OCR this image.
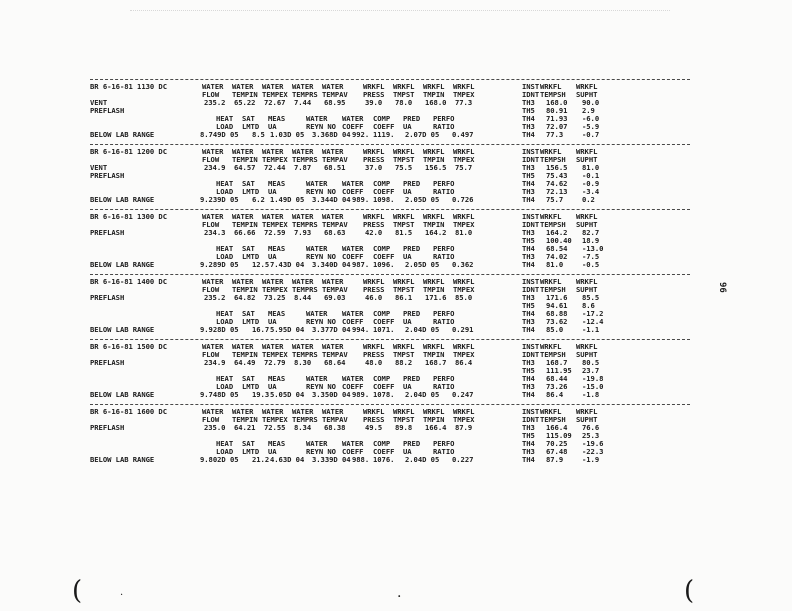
BR 6-16-81 1130 DC	WATER WATER WATER WATER WATER	WRKFL WRKFL WRKFL WRKFL	INST WRKFL WRKFL
FLOW TEMPIN TEMPEX TEMPRS TEMPAV PRESS TMPST TMPIN TMPEX	IDNT TEMPSH SUPHT
VENT
PREFLASH
235.2 65.22 72.67 7.44 68.95	39.0 78.0 168.0 77.3	TH3 168.0 90.0
TH5 80.91 2.9
TH4 71.93 -6.0
TH3 72.07 -5.9
TH4 77.3	-0.7
HEAT SAT MEAS	WATER WATER COMP PRED PERFO
LOAD LMTD UA	REYN NO COEFF COEFF UA	RATIO
BELOW LAB RANGE	8.749D 05 8.5 1.03D 05 3.368D 04 992. 1119. 2.07D 05 0.497
BR 6-16-81 1200 DC	WATER WATER WATER WATER WATER	WRKFL WRKFL WRKFL WRKFL	INST WRKFL WRKFL
FLOW TEMPIN TEMPEX TEMPRS TEMPAV PRESS TMPST TMPIN TMPEX	IDNT TEMPSH SUPHT
VENT
PREFLASH
234.9 64.57 72.44 7.87 68.51	37.0 75.5 156.5 75.7	TH3 156.5 81.0
TH5 75.43 -0.1
TH4 74.62 -0.9
TH3 72.13 -3.4
TH4 75.7	0.2
HEAT SAT MEAS	WATER WATER COMP PRED PERFO
LOAD LMTD UA	REYN NO COEFF COEFF UA	RATIO
BELOW LAB RANGE	9.239D 05 6.2 1.49D 05 3.344D 04 989. 1098. 2.05D 05 0.726
BR 6-16-81 1300 DC	WATER WATER WATER WATER WATER	WRKFL WRKFL WRKFL WRKFL	INST WRKFL WRKFL
FLOW TEMPIN TEMPEX TEMPRS TEMPAV PRESS TMPST TMPIN TMPEX	IDNT TEMPSH SUPHT
PREFLASH	234.3 66.66 72.59 7.93 68.63	42.0 81.5 164.2 81.0	TH3 164.2 82.7
TH5 100.40 18.9
TH4 68.54 -13.0
TH3 74.02 -7.5
TH4 81.0	-0.5
HEAT SAT MEAS	WATER WATER COMP PRED PERFO
LOAD LMTD UA	REYN NO COEFF COEFF UA	RATIO
BELOW LAB RANGE	9.289D 05 12.5 7.43D 04 3.340D 04 987. 1096. 2.05D 05 0.362
BR 6-16-81 1400 DC	WATER WATER WATER WATER WATER	WRKFL WRKFL WRKFL WRKFL	INST WRKFL WRKFL
FLOW TEMPIN TEMPEX TEMPRS TEMPAV PRESS TMPST TMPIN TMPEX	IDNT TEMPSH SUPHT
PREFLASH	235.2 64.82 73.25 8.44 69.03	46.0 86.1 171.6 85.0	TH3 171.6 85.5
TH5 94.61 8.6
TH4 68.88 -17.2
TH3 73.62 -12.4
TH4 85.0	-1.1
HEAT SAT MEAS	WATER WATER COMP PRED PERFO
LOAD LMTD UA	REYN NO COEFF COEFF UA	RATIO
BELOW LAB RANGE	9.928D 05 16.7 5.95D 04 3.377D 04 994. 1071. 2.04D 05 0.291
BR 6-16-81 1500 DC	WATER WATER WATER WATER WATER	WRKFL WRKFL WRKFL WRKFL	INST WRKFL WRKFL
FLOW TEMPIN TEMPEX TEMPRS TEMPAV PRESS TMPST TMPIN TMPEX	IDNT TEMPSH SUPHT
PREFLASH	234.9 64.49 72.79 8.30 68.64	48.0 88.2 168.7 86.4	TH3 168.7 80.5
TH5 111.95 23.7
TH4 68.44 -19.8
TH3 73.26 -15.0
TH4 86.4	-1.8
HEAT SAT MEAS	WATER WATER COMP PRED PERFO
LOAD LMTD UA	REYN NO COEFF COEFF UA	RATIO
BELOW LAB RANGE	9.748D 05 19.3 5.05D 04 3.350D 04 989. 1078. 2.04D 05 0.247
BR 6-16-81 1600 DC	WATER WATER WATER WATER WATER	WRKFL WRKFL WRKFL WRKFL	INST WRKFL WRKFL
FLOW TEMPIN TEMPEX TEMPRS TEMPAV PRESS TMPST TMPIN TMPEX	IDNT TEMPSH SUPHT
PREFLASH	235.0 64.21 72.55 8.34 68.38	49.5 89.8 166.4 87.9	TH3 166.4 76.6
TH5 115.09 25.3
TH4 70.25 -19.6
TH3 67.48 -22.3
TH4 87.9	-1.9
HEAT SAT MEAS	WATER WATER COMP PRED PERFO
LOAD LMTD UA	REYN NO COEFF COEFF UA	RATIO
BELOW LAB RANGE	9.802D 05 21.2 4.63D 04 3.339D 04 988. 1076. 2.04D 05 0.227
96
(	(
.
.
